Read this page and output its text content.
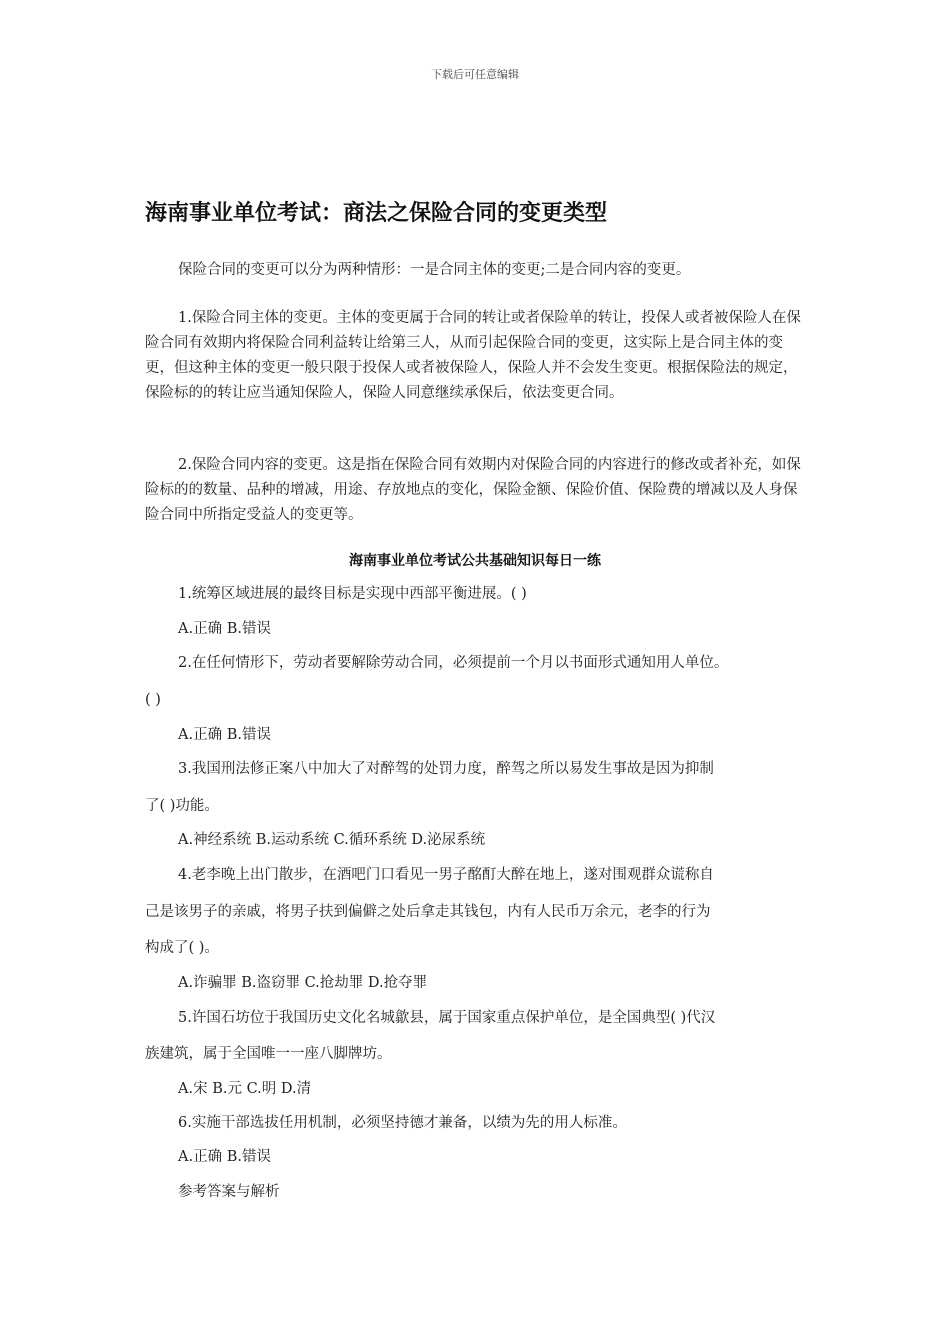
下载后可任意编辑
海南事业单位考试：商法之保险合同的变更类型
保险合同的变更可以分为两种情形：一是合同主体的变更;二是合同内容的变更。
1.保险合同主体的变更。主体的变更属于合同的转让或者保险单的转让，投保人或者被保险人在保险合同有效期内将保险合同利益转让给第三人，从而引起保险合同的变更，这实际上是合同主体的变更，但这种主体的变更一般只限于投保人或者被保险人，保险人并不会发生变更。根据保险法的规定，保险标的的转让应当通知保险人，保险人同意继续承保后，依法变更合同。
2.保险合同内容的变更。这是指在保险合同有效期内对保险合同的内容进行的修改或者补充，如保险标的的数量、品种的增减，用途、存放地点的变化，保险金额、保险价值、保险费的增减以及人身保险合同中所指定受益人的变更等。
海南事业单位考试公共基础知识每日一练
1.统筹区域进展的最终目标是实现中西部平衡进展。( )
A.正确 B.错误
2.在任何情形下，劳动者要解除劳动合同，必须提前一个月以书面形式通知用人单位。
( )
A.正确 B.错误
3.我国刑法修正案八中加大了对醉驾的处罚力度，醉驾之所以易发生事故是因为抑制
了( )功能。
A.神经系统 B.运动系统 C.循环系统 D.泌尿系统
4.老李晚上出门散步，在酒吧门口看见一男子酩酊大醉在地上，遂对围观群众谎称自
己是该男子的亲戚，将男子扶到偏僻之处后拿走其钱包，内有人民币万余元，老李的行为
构成了( )。
A.诈骗罪 B.盗窃罪 C.抢劫罪 D.抢夺罪
5.许国石坊位于我国历史文化名城歙县，属于国家重点保护单位，是全国典型( )代汉
族建筑，属于全国唯一一座八脚牌坊。
A.宋 B.元 C.明 D.清
6.实施干部选拔任用机制，必须坚持德才兼备，以绩为先的用人标准。
A.正确 B.错误
参考答案与解析
